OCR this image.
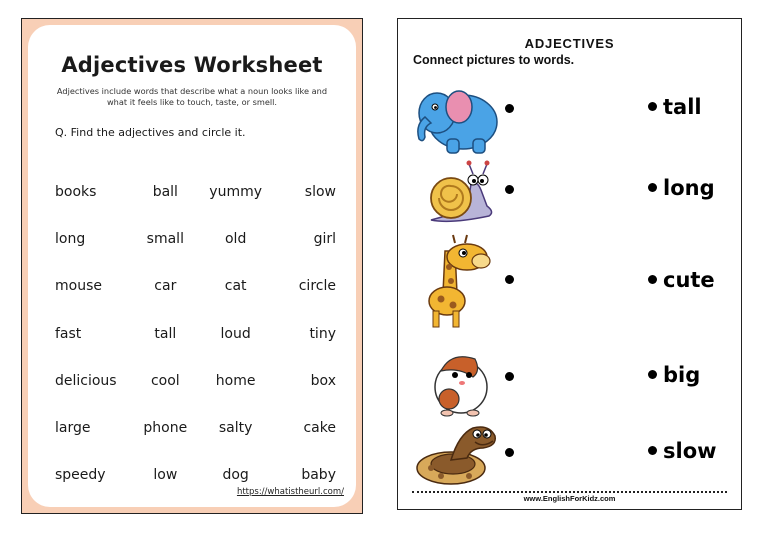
Adjectives Worksheet
Adjectives include words that describe what a noun looks like and what it feels like to touch, taste, or smell.
Q. Find the adjectives and circle it.
books	ball	yummy	slow
long	small	old	girl
mouse	car	cat	circle
fast	tall	loud	tiny
delicious	cool	home	box
large	phone	salty	cake
speedy	low	dog	baby
https://whatistheurl.com/
ADJECTIVES
Connect pictures to words.
tall
long
cute
big
slow
www.EnglishForKidz.com
